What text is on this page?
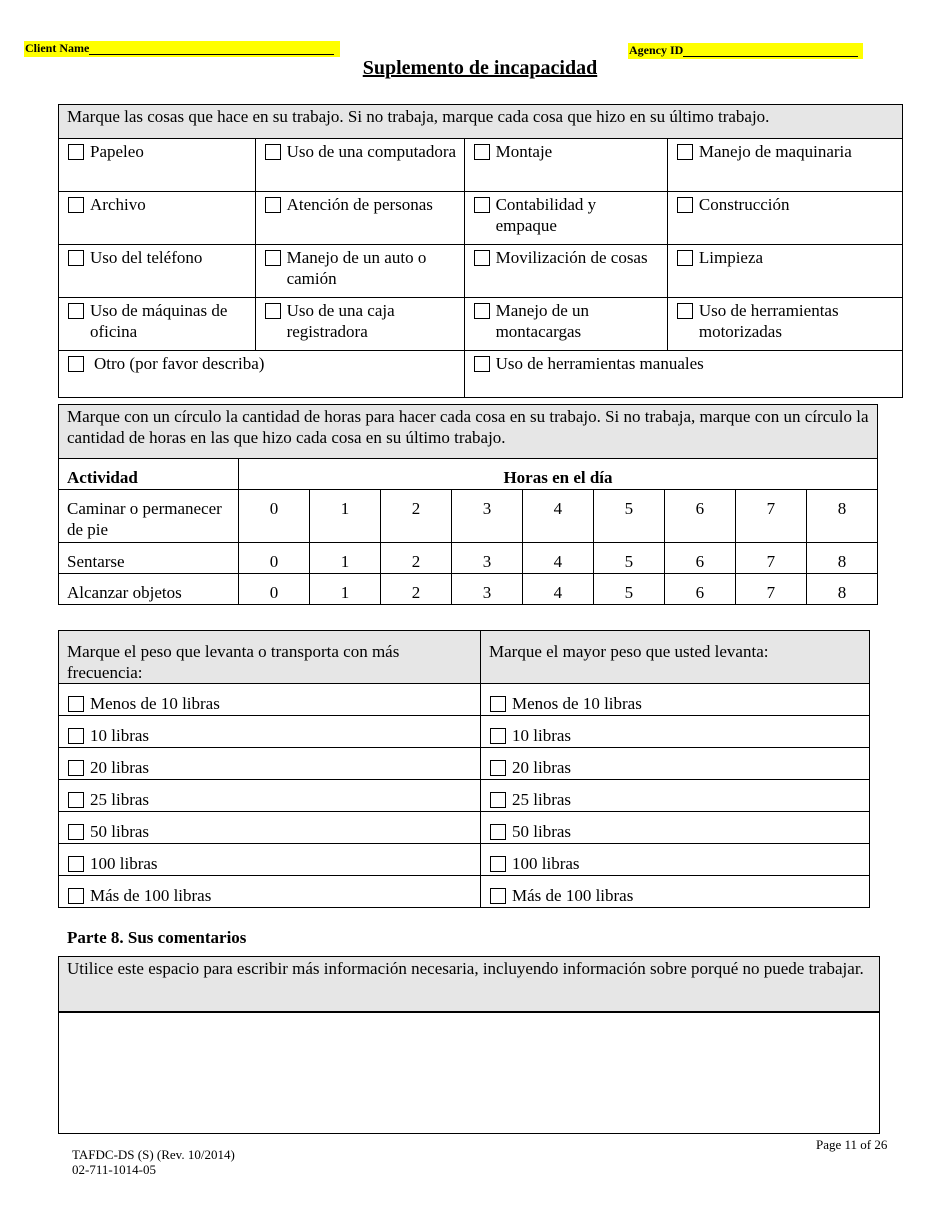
Client Name	Agency ID
Suplemento de incapacidad
Marque las cosas que hace en su trabajo. Si no trabaja, marque cada cosa que hizo en su último trabajo.			

Papeleo	Uso de una computadora	Montaje	Manejo de maquinaria

Archivo	Atención de personas	Contabilidad y empaque	Construcción

Uso del teléfono	Manejo de un auto o camión	Movilización de cosas	Limpieza

Uso de máquinas de oficina	Uso de una caja registradora	Manejo de un montacargas	Uso de herramientas motorizadas

Otro (por favor describa)		Uso de herramientas manuales	
Marque con un círculo la cantidad de horas para hacer cada cosa en su trabajo. Si no trabaja, marque con un círculo la cantidad de horas en las que hizo cada cosa en su último trabajo.									
Actividad	Horas en el día								
Caminar o permanecer de pie	0	1	2	3	4	5	6	7	8
Sentarse	0	1	2	3	4	5	6	7	8
Alcanzar objetos	0	1	2	3	4	5	6	7	8
Marque el peso que levanta o transporta con más frecuencia:	Marque el mayor peso que usted levanta:

Menos de 10 libras	Menos de 10 libras

10 libras	10 libras

20 libras	20 libras

25 libras	25 libras

50 libras	50 libras

100 libras	100 libras

Más de 100 libras	Más de 100 libras
Parte 8. Sus comentarios
Utilice este espacio para escribir más información necesaria, incluyendo información sobre porqué no puede trabajar.

Page 11 of 26
TAFDC-DS (S) (Rev. 10/2014)
02-711-1014-05
